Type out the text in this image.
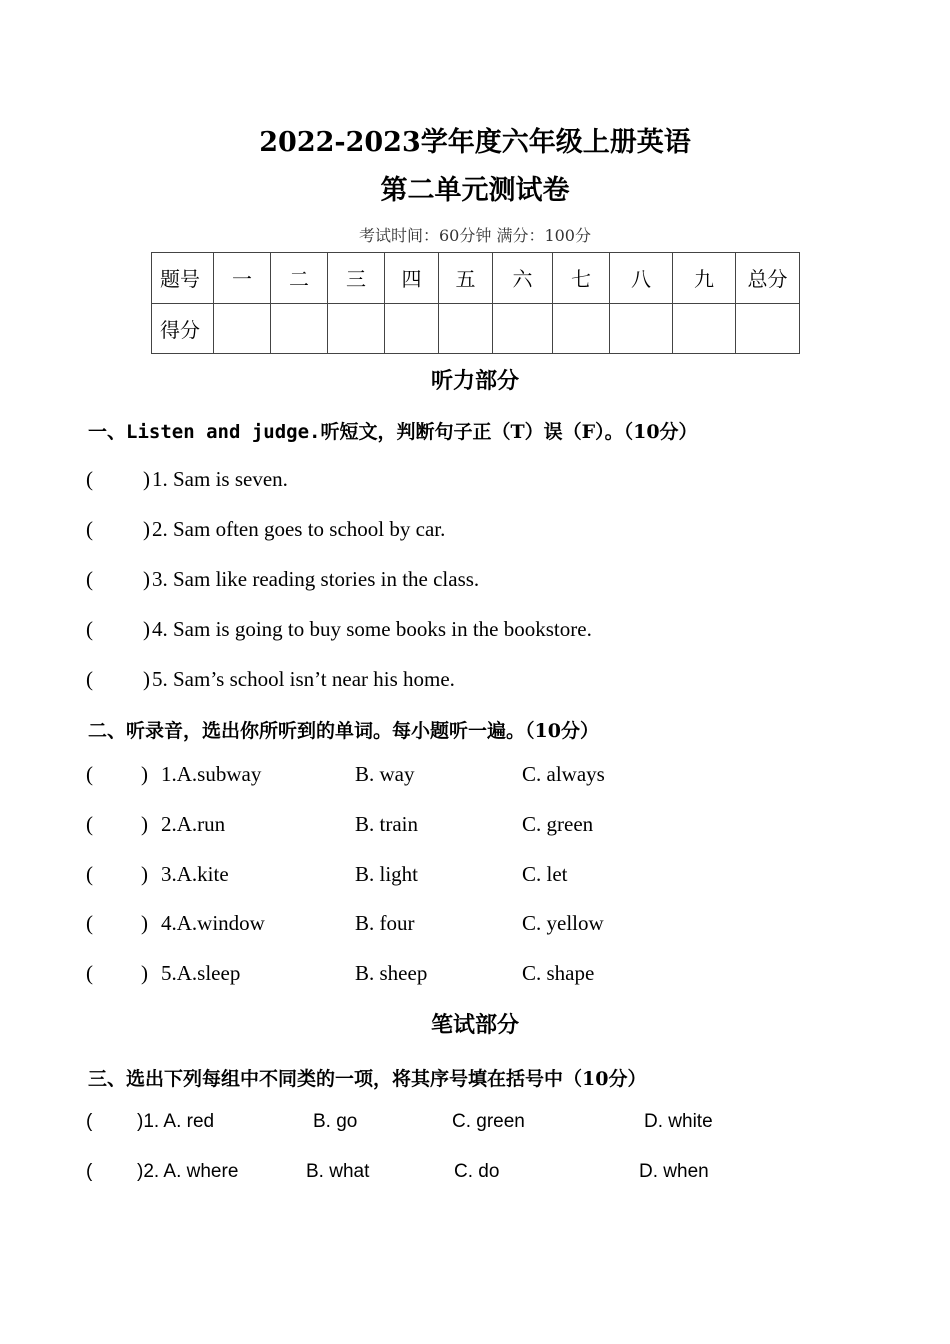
2022-2023学年度六年级上册英语
第二单元测试卷
考试时间：60分钟 满分：100分
题号	一	二	三	四	五	六	七	八	九	总分
得分										
听力部分
一、Listen and judge.听短文，判断句子正（T）误（F）。（10分）
( )1. Sam is seven.
( )2. Sam often goes to school by car.
( )3. Sam like reading stories in the class.
( )4. Sam is going to buy some books in the bookstore.
( )5. Sam’s school isn’t near his home.
二、听录音，选出你所听到的单词。每小题听一遍。（10分）
( ) 1.A.subway	B. way	C. always
( ) 2.A.run	B. train	C. green
( ) 3.A.kite	B. light	C. let
( ) 4.A.window	B. four	C. yellow
( ) 5.A.sleep	B. sheep	C. shape
笔试部分
三、选出下列每组中不同类的一项，将其序号填在括号中（10分）
( )1. A. red	B. go	C. green	D. white
( )2. A. where	B. what	C. do	D. when
